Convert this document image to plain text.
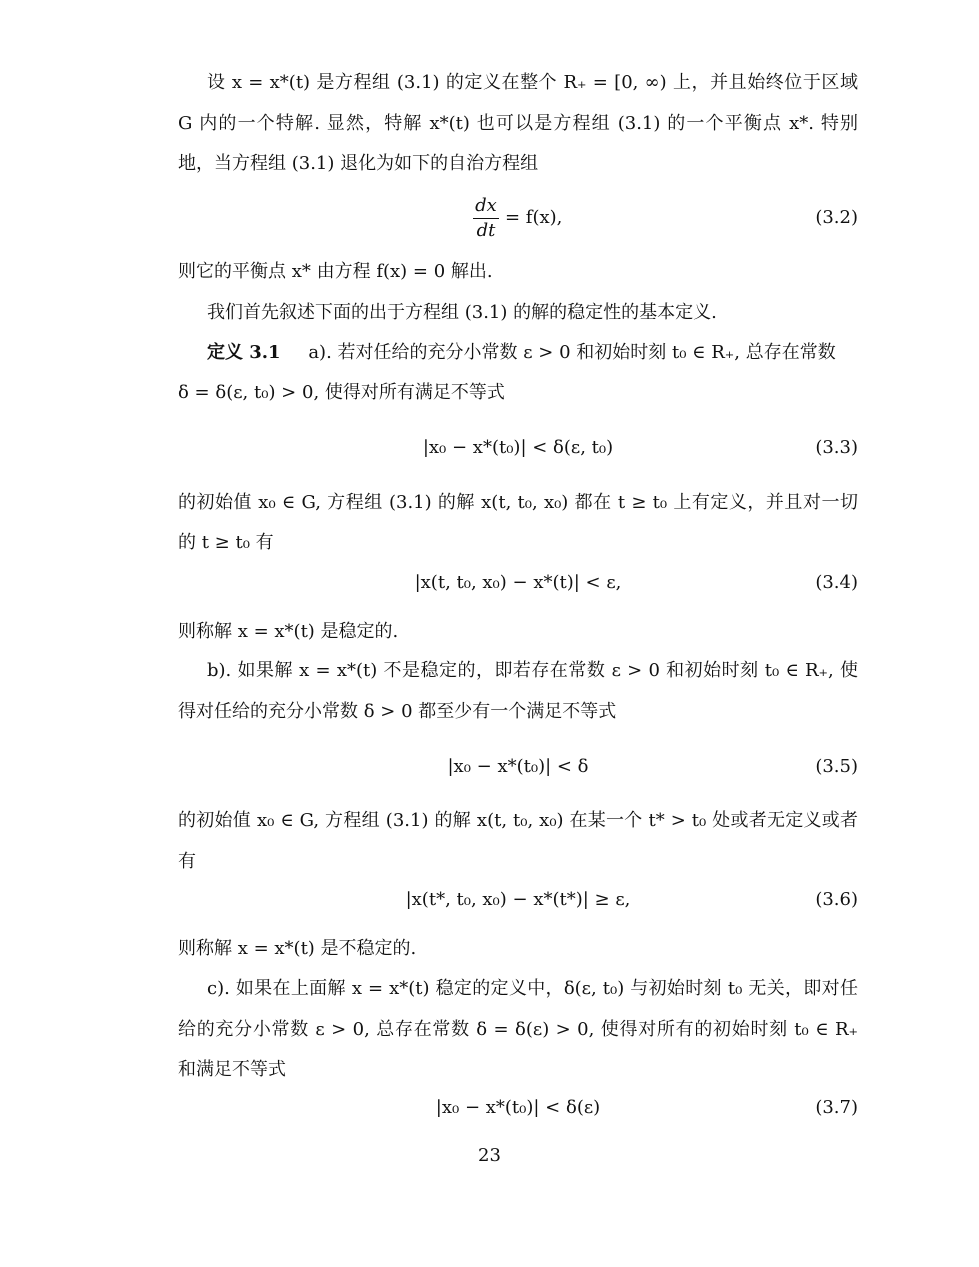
设 x = x*(t) 是方程组 (3.1) 的定义在整个 R₊ = [0, ∞) 上，并且始终位于区域
G 内的一个特解. 显然，特解 x*(t) 也可以是方程组 (3.1) 的一个平衡点 x*. 特别
地，当方程组 (3.1) 退化为如下的自治方程组
dx
dt
= f(x),	(3.2)
则它的平衡点 x* 由方程 f(x) = 0 解出.
我们首先叙述下面的出于方程组 (3.1) 的解的稳定性的基本定义.
定义 3.1 a). 若对任给的充分小常数 ε > 0 和初始时刻 t₀ ∈ R₊, 总存在常数
δ = δ(ε, t₀) > 0, 使得对所有满足不等式
|x₀ − x*(t₀)| < δ(ε, t₀)	(3.3)
的初始值 x₀ ∈ G, 方程组 (3.1) 的解 x(t, t₀, x₀) 都在 t ≥ t₀ 上有定义，并且对一切
的 t ≥ t₀ 有
|x(t, t₀, x₀) − x*(t)| < ε,	(3.4)
则称解 x = x*(t) 是稳定的.
b). 如果解 x = x*(t) 不是稳定的，即若存在常数 ε > 0 和初始时刻 t₀ ∈ R₊, 使
得对任给的充分小常数 δ > 0 都至少有一个满足不等式
|x₀ − x*(t₀)| < δ	(3.5)
的初始值 x₀ ∈ G, 方程组 (3.1) 的解 x(t, t₀, x₀) 在某一个 t* > t₀ 处或者无定义或者
有
|x(t*, t₀, x₀) − x*(t*)| ≥ ε,	(3.6)
则称解 x = x*(t) 是不稳定的.
c). 如果在上面解 x = x*(t) 稳定的定义中，δ(ε, t₀) 与初始时刻 t₀ 无关，即对任
给的充分小常数 ε > 0, 总存在常数 δ = δ(ε) > 0, 使得对所有的初始时刻 t₀ ∈ R₊
和满足不等式
|x₀ − x*(t₀)| < δ(ε)	(3.7)
23
